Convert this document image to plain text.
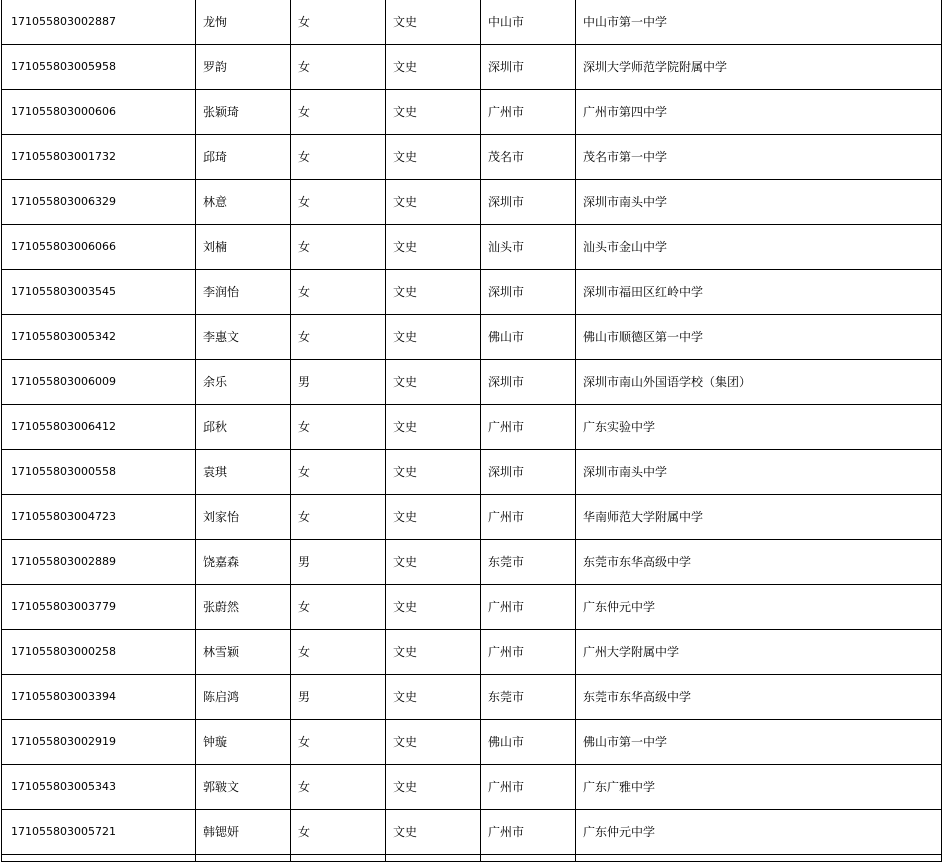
171055803002887	龙恂	女	文史	中山市	中山市第一中学
171055803005958	罗韵	女	文史	深圳市	深圳大学师范学院附属中学
171055803000606	张颖琦	女	文史	广州市	广州市第四中学
171055803001732	邱琦	女	文史	茂名市	茂名市第一中学
171055803006329	林意	女	文史	深圳市	深圳市南头中学
171055803006066	刘楠	女	文史	汕头市	汕头市金山中学
171055803003545	李润怡	女	文史	深圳市	深圳市福田区红岭中学
171055803005342	李惠文	女	文史	佛山市	佛山市顺德区第一中学
171055803006009	余乐	男	文史	深圳市	深圳市南山外国语学校（集团）
171055803006412	邱秋	女	文史	广州市	广东实验中学
171055803000558	袁琪	女	文史	深圳市	深圳市南头中学
171055803004723	刘家怡	女	文史	广州市	华南师范大学附属中学
171055803002889	饶嘉森	男	文史	东莞市	东莞市东华高级中学
171055803003779	张蔚然	女	文史	广州市	广东仲元中学
171055803000258	林雪颖	女	文史	广州市	广州大学附属中学
171055803003394	陈启鸿	男	文史	东莞市	东莞市东华高级中学
171055803002919	钟璇	女	文史	佛山市	佛山市第一中学
171055803005343	郭皲文	女	文史	广州市	广东广雅中学
171055803005721	韩锶妍	女	文史	广州市	广东仲元中学
